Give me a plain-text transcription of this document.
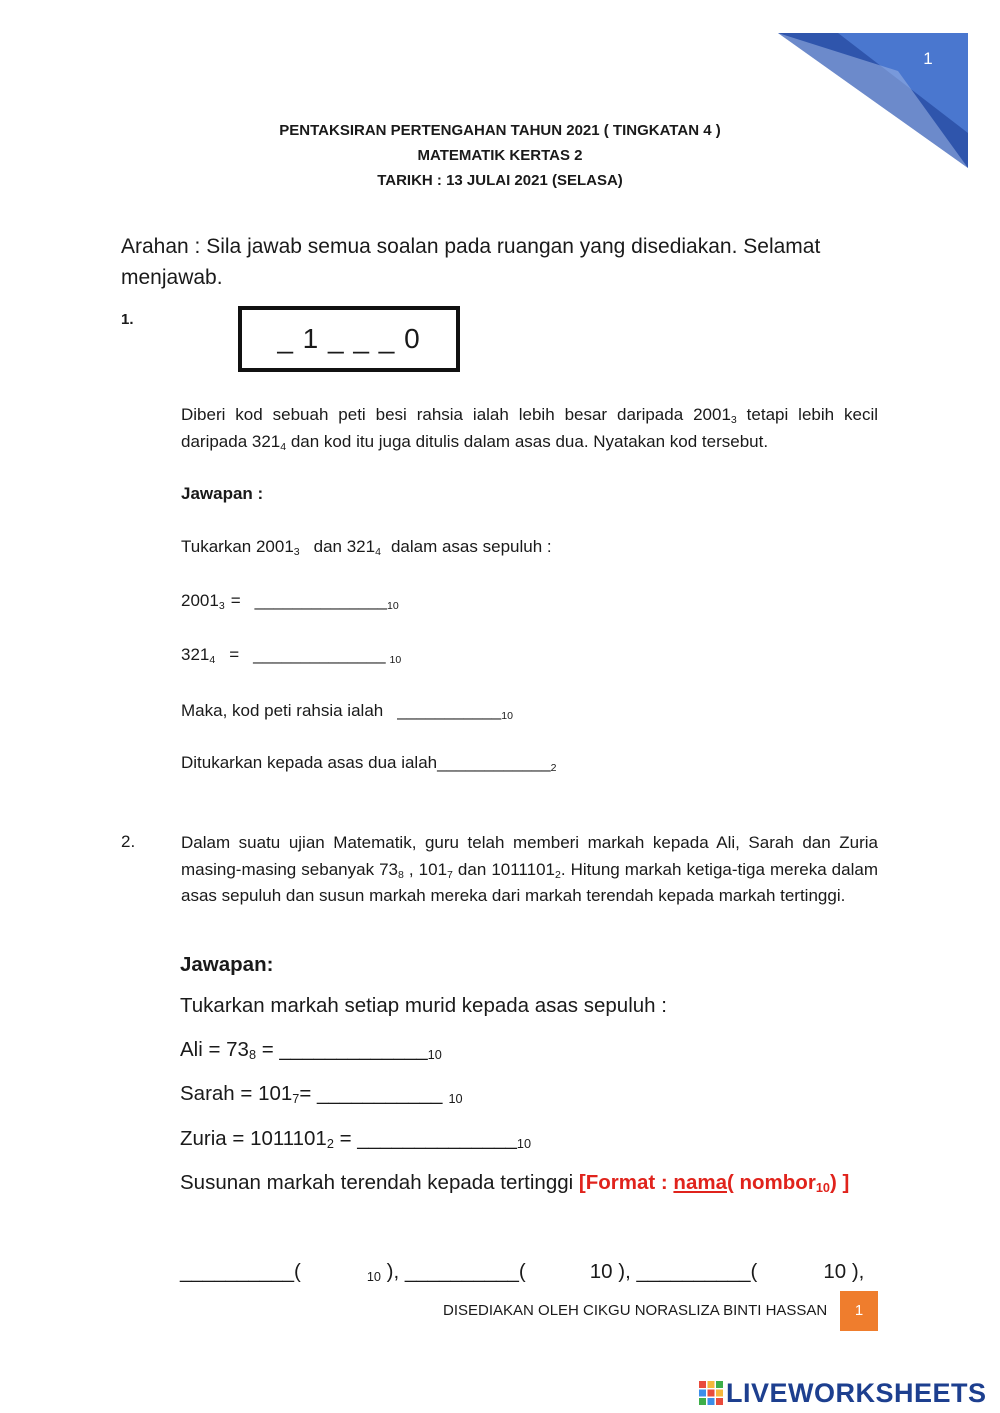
1
PENTAKSIRAN PERTENGAHAN TAHUN 2021 ( TINGKATAN 4 )
MATEMATIK KERTAS 2
TARIKH : 13 JULAI 2021 (SELASA)
Arahan : Sila jawab semua soalan pada ruangan yang disediakan. Selamat
menjawab.
1.
_ 1 _ _ _ 0
Diberi kod sebuah peti besi rahsia ialah lebih besar daripada $2001_3$ tetapi lebih kecil daripada $321_4$ dan kod itu juga ditulis dalam asas dua. Nyatakan kod tersebut.
Jawapan :
Tukarkan $2001_3$ dan $321_4$ dalam asas sepuluh :
$2001_3$ = $\_\_\_\_\_\_\_\_\_\_\_\_\_\__{10}$
$321_4$ = ______________ $_{10}$
Maka, kod peti rahsia ialah $\_\_\_\_\_\_\_\_\_\_\__{10}$
Ditukarkan kepada asas dua $ialah\_\_\_\_\_\_\_\_\_\_\_\__2$
2.	Dalam suatu ujian Matematik, guru telah memberi markah kepada Ali, Sarah dan Zuria masing-masing sebanyak $73_8$ , $101_7$ dan $1011101_2$. Hitung markah ketiga-tiga mereka dalam asas sepuluh dan susun markah mereka dari markah terendah kepada markah tertinggi.
Jawapan:
Tukarkan markah setiap murid kepada asas sepuluh :
Ali = $73_8$ = $\_\_\_\_\_\_\_\_\_\_\_\_\__{10}$
Sarah = $101_7=$ ___________ $_{10}$
Zuria = $1011101_2$ = $\_\_\_\_\_\_\_\_\_\_\_\_\_\__{10}$
Susunan markah terendah kepada tertinggi [Format : nama( nombor$_{10}$) ]
__________(	$_{10}$ ), __________(	10 ), __________(	10 ),
DISEDIAKAN OLEH CIKGU NORASLIZA BINTI HASSAN	1
LIVEWORKSHEETS
